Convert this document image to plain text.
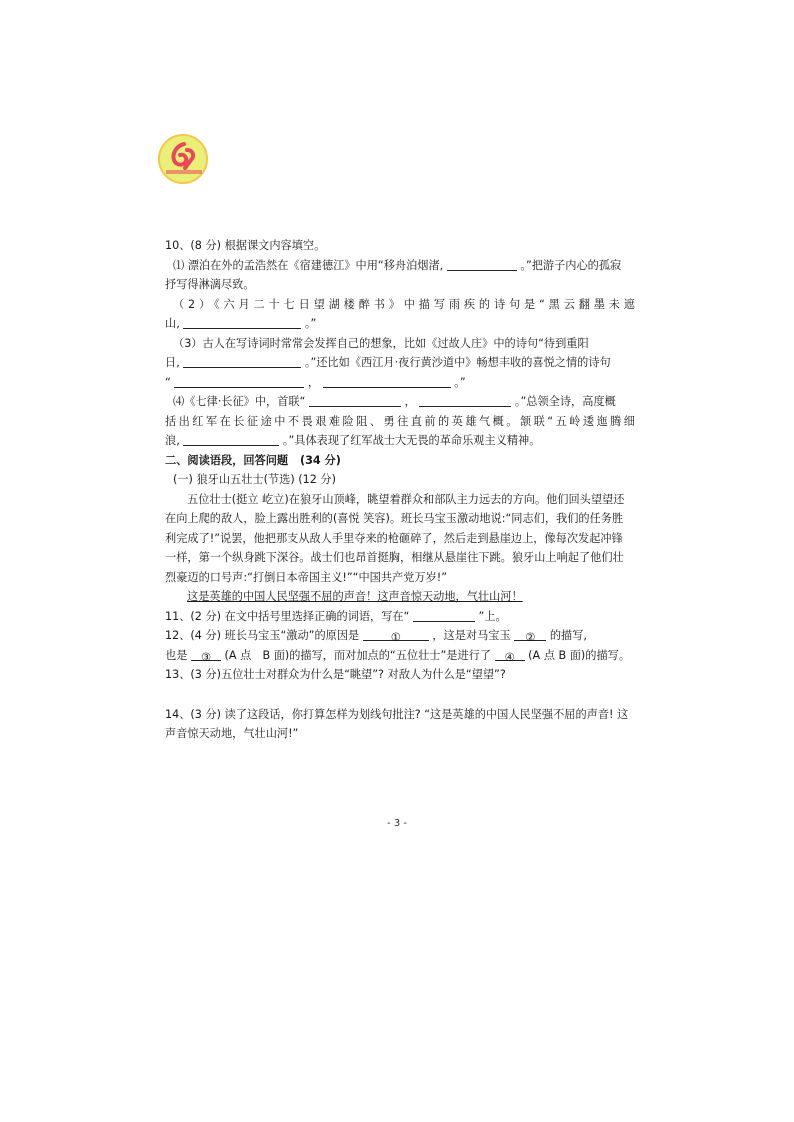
10、(8 分) 根据课文内容填空。
⑴ 漂泊在外的孟浩然在《宿建德江》中用“移舟泊烟渚,	。”把游子内心的孤寂
抒写得淋漓尽致。
（2）《六月二十七日望湖楼醉书》中描写雨疾的诗句是“黑云翻墨未遮
山,	。”
（3）古人在写诗词时常常会发挥自己的想象，比如《过故人庄》中的诗句“待到重阳
日,	。”还比如《西江月·夜行黄沙道中》畅想丰收的喜悦之情的诗句
“	，	。”
⑷《七律·长征》中，首联“	，	。”总领全诗，高度概
括出红军在长征途中不畏艰难险阻、勇往直前的英雄气概。颔联“五岭逶迤腾细
浪,	。”具体表现了红军战士大无畏的革命乐观主义精神。
二、阅读语段，回答问题 (34 分)
(一) 狼牙山五壮士(节选) (12 分)
五位壮士(挺立 屹立)在狼牙山顶峰，眺望着群众和部队主力远去的方向。他们回头望望还
在向上爬的敌人，脸上露出胜利的(喜悦 笑容)。班长马宝玉激动地说:“同志们，我们的任务胜
利完成了!”说罢，他把那支从敌人手里夺来的枪砸碎了，然后走到悬崖边上，像每次发起冲锋
一样，第一个纵身跳下深谷。战士们也昂首挺胸，相继从悬崖往下跳。狼牙山上响起了他们壮
烈豪迈的口号声:“打倒日本帝国主义!”“中国共产党万岁!”
这是英雄的中国人民坚强不屈的声音！这声音惊天动地，气壮山河！
11、(2 分) 在文中括号里选择正确的词语，写在“	”上。
12、(4 分) 班长马宝玉“激动”的原因是	①	，这是对马宝玉 ② 的描写,
也是 ③ (A 点　B 面)的描写，而对加点的“五位壮士”是进行了 ④ (A 点 B 面)的描写。
13、(3 分)五位壮士对群众为什么是“眺望”? 对敌人为什么是“望望”?
14、(3 分) 读了这段话，你打算怎样为划线句批注? “这是英雄的中国人民坚强不屈的声音! 这
声音惊天动地，气壮山河!”
- 3 -
